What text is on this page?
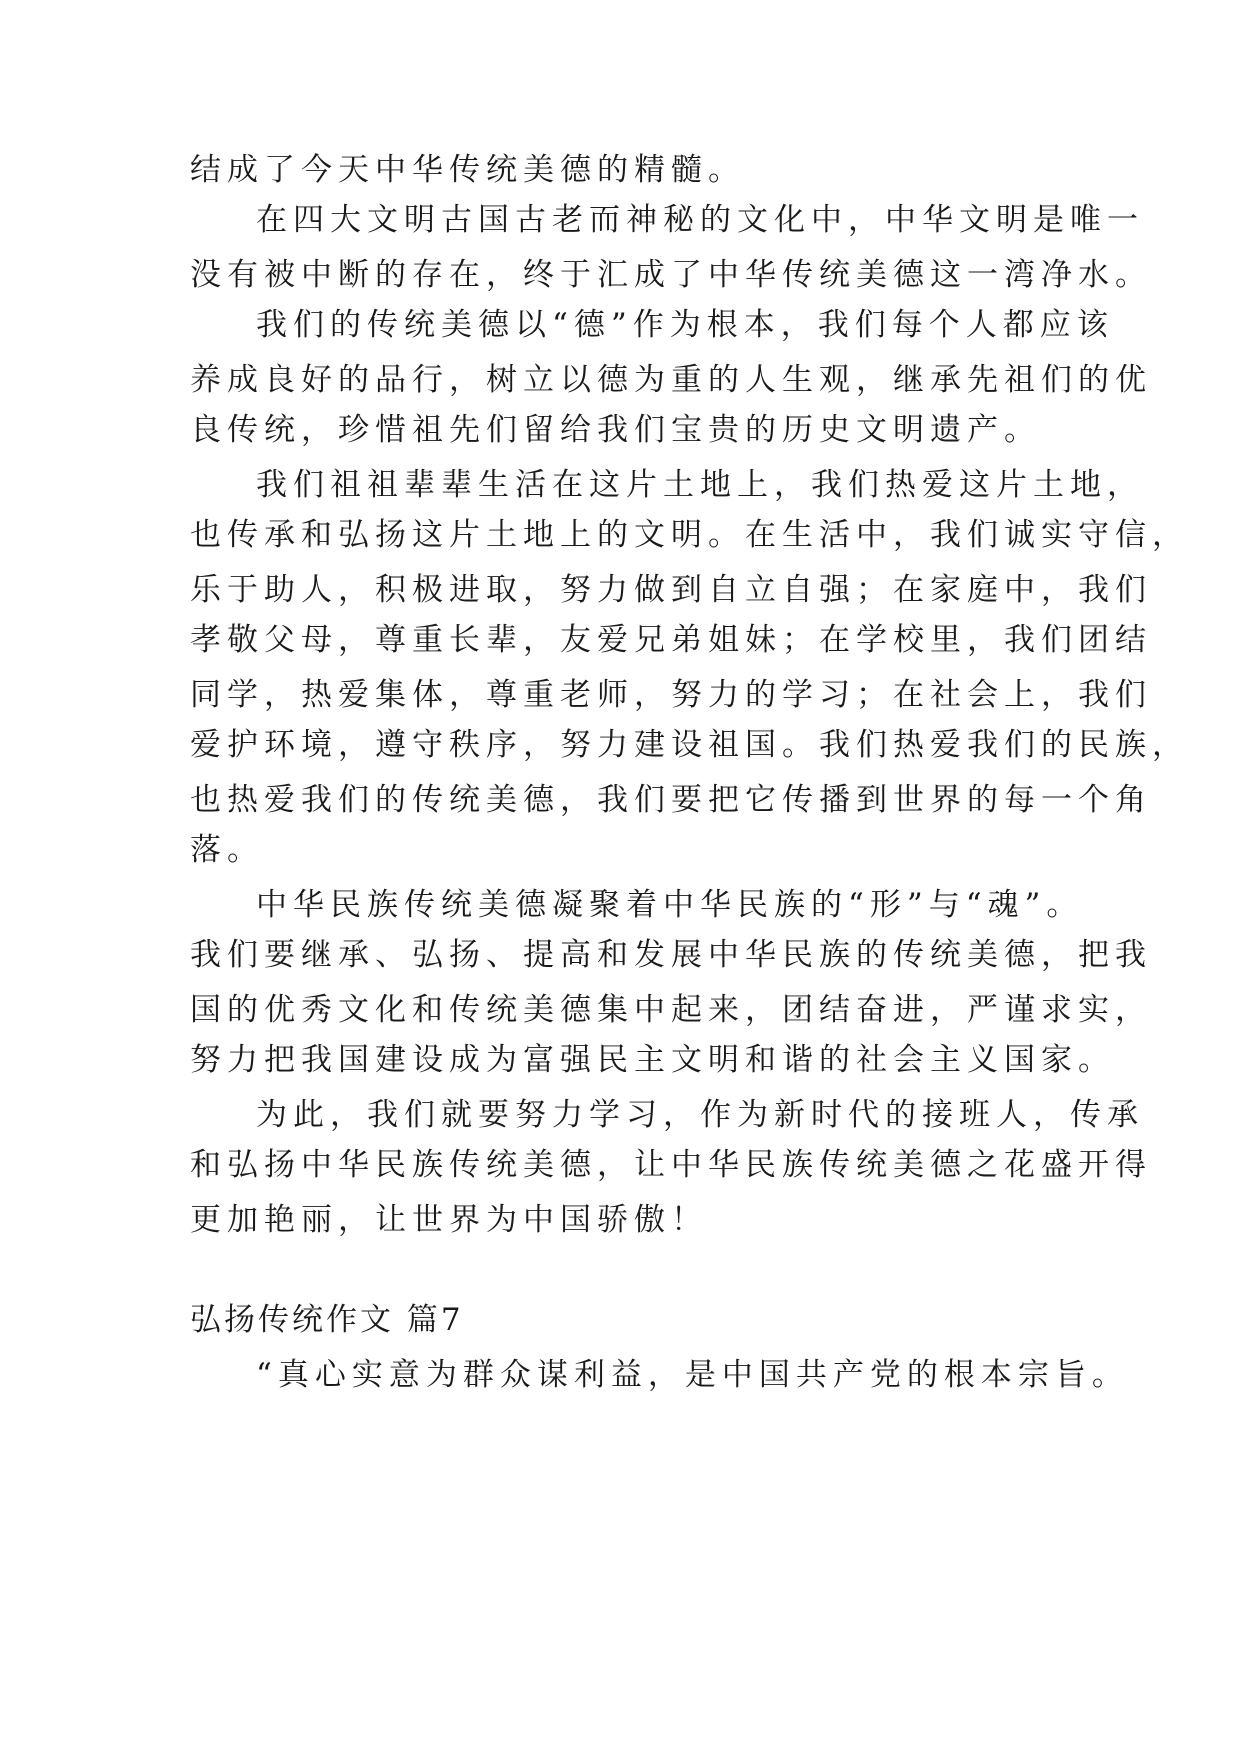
结成了今天中华传统美德的精髓。
在四大文明古国古老而神秘的文化中，中华文明是唯一
没有被中断的存在，终于汇成了中华传统美德这一湾净水。
我们的传统美德以“德”作为根本，我们每个人都应该
养成良好的品行，树立以德为重的人生观，继承先祖们的优
良传统，珍惜祖先们留给我们宝贵的历史文明遗产。
我们祖祖辈辈生活在这片土地上，我们热爱这片土地，
也传承和弘扬这片土地上的文明。在生活中，我们诚实守信，
乐于助人，积极进取，努力做到自立自强；在家庭中，我们
孝敬父母，尊重长辈，友爱兄弟姐妹；在学校里，我们团结
同学，热爱集体，尊重老师，努力的学习；在社会上，我们
爱护环境，遵守秩序，努力建设祖国。我们热爱我们的民族，
也热爱我们的传统美德，我们要把它传播到世界的每一个角
落。
中华民族传统美德凝聚着中华民族的“形”与“魂”。
我们要继承、弘扬、提高和发展中华民族的传统美德，把我
国的优秀文化和传统美德集中起来，团结奋进，严谨求实，
努力把我国建设成为富强民主文明和谐的社会主义国家。
为此，我们就要努力学习，作为新时代的接班人，传承
和弘扬中华民族传统美德，让中华民族传统美德之花盛开得
更加艳丽，让世界为中国骄傲！
弘扬传统作文 篇7
“真心实意为群众谋利益，是中国共产党的根本宗旨。
